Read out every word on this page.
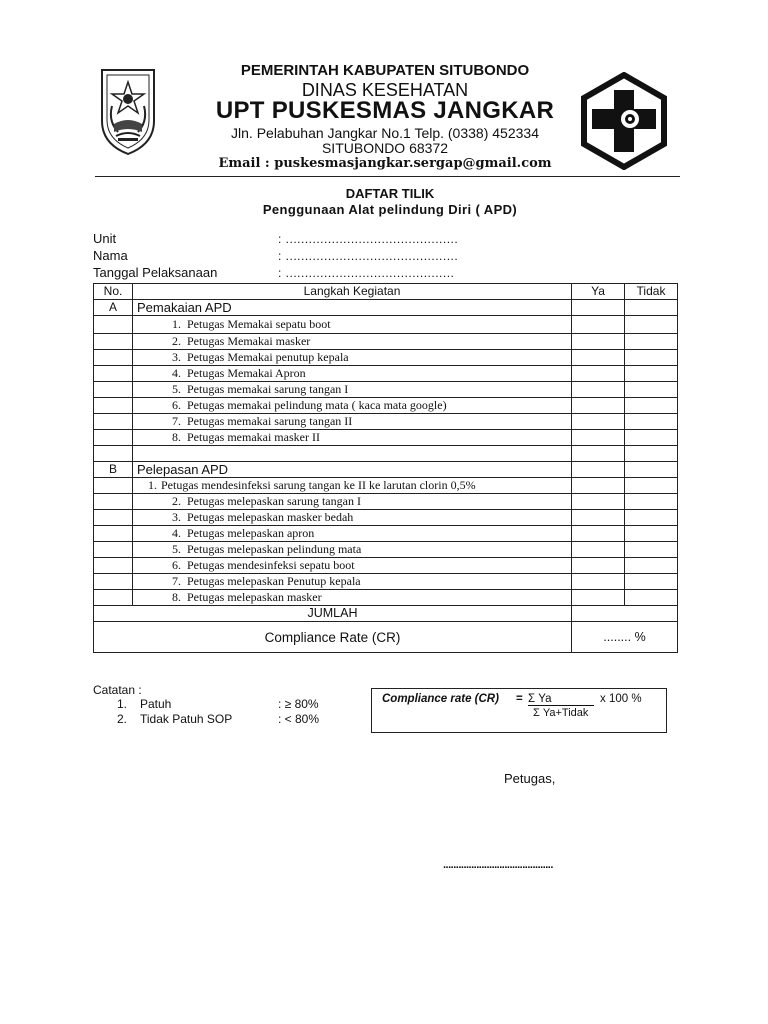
PEMERINTAH KABUPATEN SITUBONDO
DINAS KESEHATAN
UPT PUSKESMAS JANGKAR
Jln. Pelabuhan Jangkar No.1 Telp. (0338) 452334
SITUBONDO 68372
Email : puskesmasjangkar.sergap@gmail.com
DAFTAR TILIK
Penggunaan Alat pelindung Diri ( APD)
Unit	: .............................................
Nama	: .............................................
Tanggal Pelaksanaan	: ............................................
No.	Langkah Kegiatan	Ya	Tidak
A	Pemakaian APD		
	1. Petugas Memakai sepatu boot		
	2. Petugas Memakai masker		
	3. Petugas Memakai penutup kepala		
	4. Petugas Memakai Apron		
	5. Petugas memakai sarung tangan I		
	6. Petugas memakai pelindung mata ( kaca mata google)		
	7. Petugas memakai sarung tangan II		
	8. Petugas memakai masker II		

B	Pelepasan APD		
	1. Petugas mendesinfeksi sarung tangan ke II ke larutan clorin 0,5%		
	2. Petugas melepaskan sarung tangan I		
	3. Petugas melepaskan masker bedah		
	4. Petugas melepaskan apron		
	5. Petugas melepaskan pelindung mata		
	6. Petugas mendesinfeksi sepatu boot		
	7. Petugas melepaskan Penutup kepala		
	8. Petugas melepaskan masker		
JUMLAH			
Compliance Rate (CR)		........ %	
Catatan :
1. Patuh	: ≥ 80%
2. Tidak Patuh SOP	: < 80%
Compliance rate (CR) = Σ Ya	x 100 %
Σ Ya+Tidak
Petugas,
...........................................
